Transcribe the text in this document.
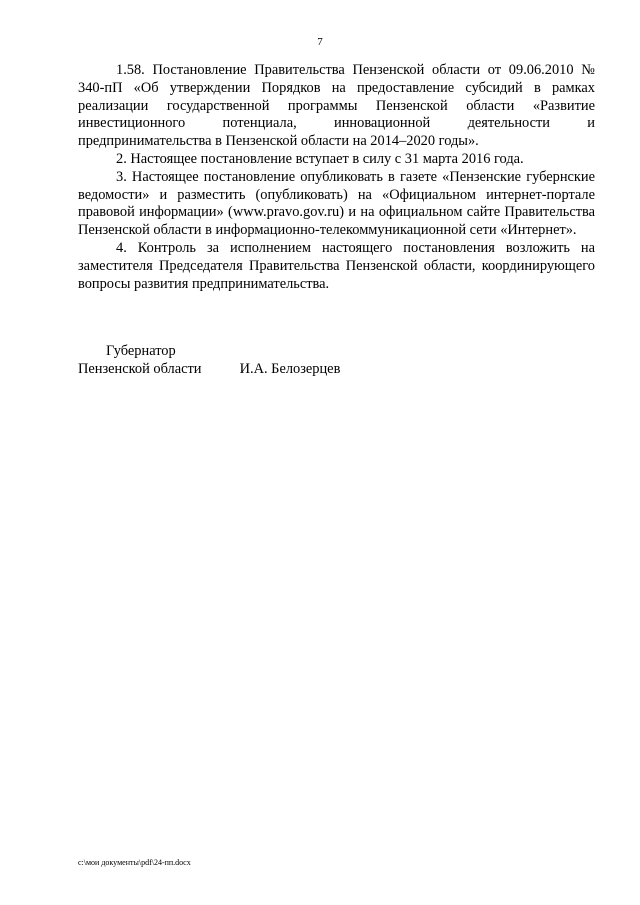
7

1.58. Постановление Правительства Пензенской области от 09.06.2010 № 340-пП «Об утверждении Порядков на предоставление субсидий в рамках реализации государственной программы Пензенской области «Развитие инвестиционного потенциала, инновационной деятельности и предпринимательства в Пензенской области на 2014–2020 годы».

2. Настоящее постановление вступает в силу с 31 марта 2016 года.

3. Настоящее постановление опубликовать в газете «Пензенские губернские ведомости» и разместить (опубликовать) на «Официальном интернет-портале правовой информации» (www.pravo.gov.ru) и на официальном сайте Правительства Пензенской области в информационно-телекоммуникационной сети «Интернет».

4. Контроль за исполнением настоящего постановления возложить на заместителя Председателя Правительства Пензенской области, координирующего вопросы развития предпринимательства.

Губернатор
Пензенской области	И.А. Белозерцев
c:\мои документы\pdf\24-пп.docx
